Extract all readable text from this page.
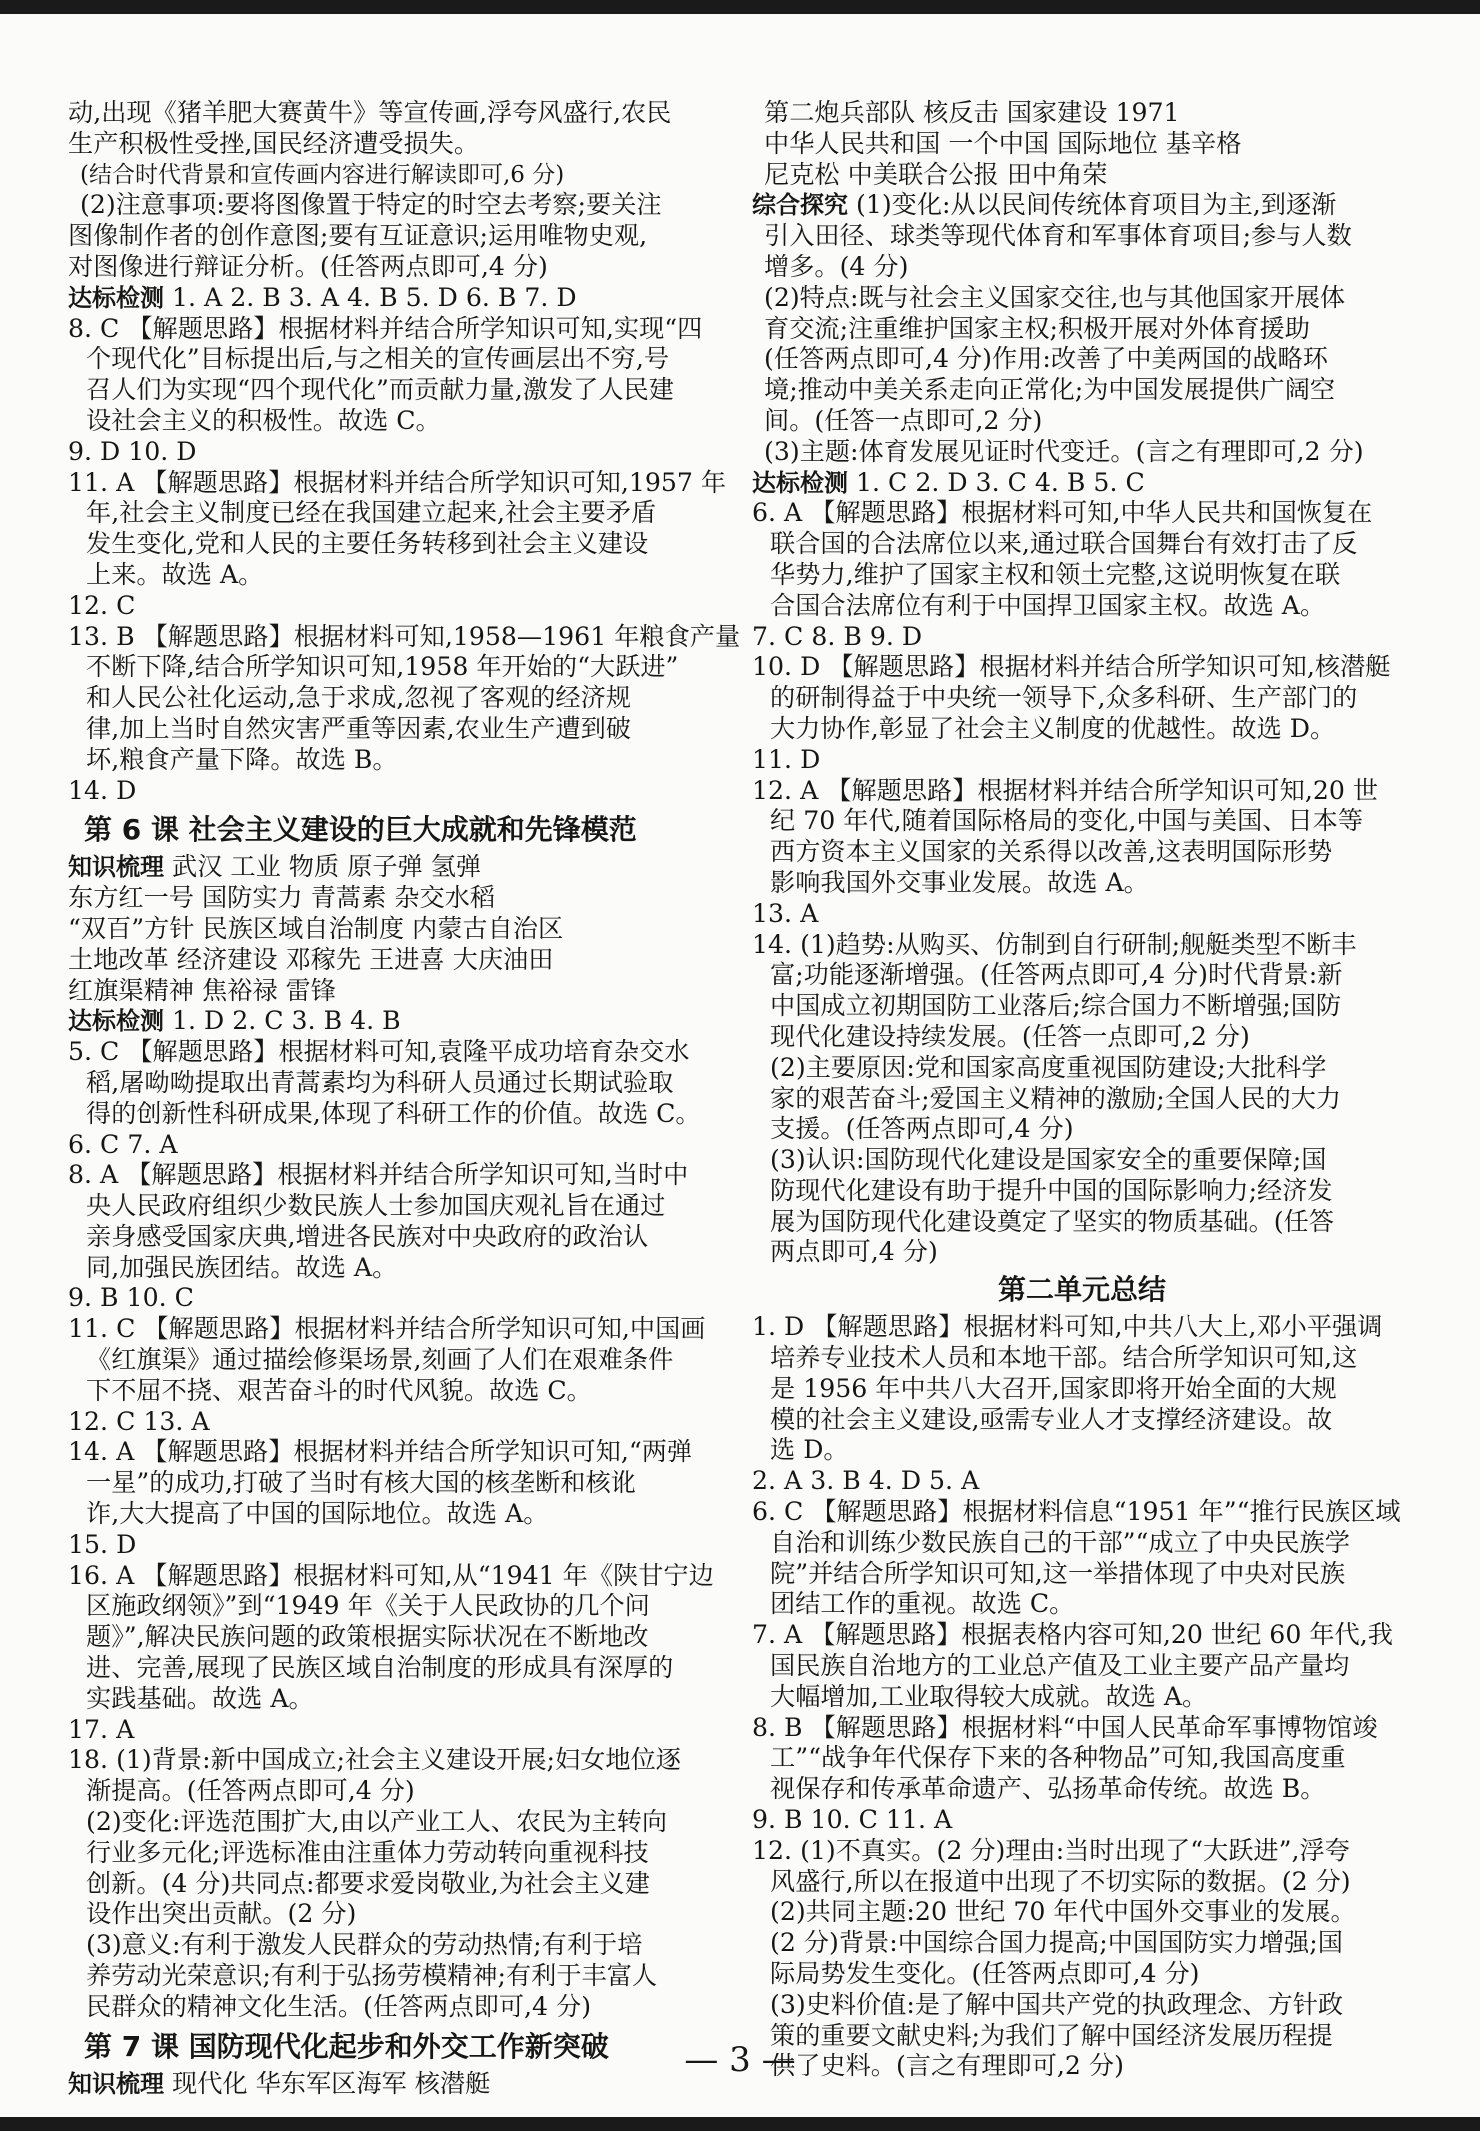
动,出现《猪羊肥大赛黄牛》等宣传画,浮夸风盛行,农民
生产积极性受挫,国民经济遭受损失。
(结合时代背景和宣传画内容进行解读即可,6 分)
(2)注意事项:要将图像置于特定的时空去考察;要关注
图像制作者的创作意图;要有互证意识;运用唯物史观,
对图像进行辩证分析。(任答两点即可,4 分)
达标检测 1. A 2. B 3. A 4. B 5. D 6. B 7. D
8. C 【解题思路】根据材料并结合所学知识可知,实现“四
个现代化”目标提出后,与之相关的宣传画层出不穷,号
召人们为实现“四个现代化”而贡献力量,激发了人民建
设社会主义的积极性。故选 C。
9. D 10. D
11. A 【解题思路】根据材料并结合所学知识可知,1957 年
年,社会主义制度已经在我国建立起来,社会主要矛盾
发生变化,党和人民的主要任务转移到社会主义建设
上来。故选 A。
12. C
13. B 【解题思路】根据材料可知,1958—1961 年粮食产量
不断下降,结合所学知识可知,1958 年开始的“大跃进”
和人民公社化运动,急于求成,忽视了客观的经济规
律,加上当时自然灾害严重等因素,农业生产遭到破
坏,粮食产量下降。故选 B。
14. D
第 6 课 社会主义建设的巨大成就和先锋模范
知识梳理 武汉 工业 物质 原子弹 氢弹
东方红一号 国防实力 青蒿素 杂交水稻
“双百”方针 民族区域自治制度 内蒙古自治区
土地改革 经济建设 邓稼先 王进喜 大庆油田
红旗渠精神 焦裕禄 雷锋
达标检测 1. D 2. C 3. B 4. B
5. C 【解题思路】根据材料可知,袁隆平成功培育杂交水
稻,屠呦呦提取出青蒿素均为科研人员通过长期试验取
得的创新性科研成果,体现了科研工作的价值。故选 C。
6. C 7. A
8. A 【解题思路】根据材料并结合所学知识可知,当时中
央人民政府组织少数民族人士参加国庆观礼旨在通过
亲身感受国家庆典,增进各民族对中央政府的政治认
同,加强民族团结。故选 A。
9. B 10. C
11. C 【解题思路】根据材料并结合所学知识可知,中国画
《红旗渠》通过描绘修渠场景,刻画了人们在艰难条件
下不屈不挠、艰苦奋斗的时代风貌。故选 C。
12. C 13. A
14. A 【解题思路】根据材料并结合所学知识可知,“两弹
一星”的成功,打破了当时有核大国的核垄断和核讹
诈,大大提高了中国的国际地位。故选 A。
15. D
16. A 【解题思路】根据材料可知,从“1941 年《陕甘宁边
区施政纲领》”到“1949 年《关于人民政协的几个问
题》”,解决民族问题的政策根据实际状况在不断地改
进、完善,展现了民族区域自治制度的形成具有深厚的
实践基础。故选 A。
17. A
18. (1)背景:新中国成立;社会主义建设开展;妇女地位逐
渐提高。(任答两点即可,4 分)
(2)变化:评选范围扩大,由以产业工人、农民为主转向
行业多元化;评选标准由注重体力劳动转向重视科技
创新。(4 分)共同点:都要求爱岗敬业,为社会主义建
设作出突出贡献。(2 分)
(3)意义:有利于激发人民群众的劳动热情;有利于培
养劳动光荣意识;有利于弘扬劳模精神;有利于丰富人
民群众的精神文化生活。(任答两点即可,4 分)
第 7 课 国防现代化起步和外交工作新突破
知识梳理 现代化 华东军区海军 核潜艇
第二炮兵部队 核反击 国家建设 1971
中华人民共和国 一个中国 国际地位 基辛格
尼克松 中美联合公报 田中角荣
综合探究 (1)变化:从以民间传统体育项目为主,到逐渐
引入田径、球类等现代体育和军事体育项目;参与人数
增多。(4 分)
(2)特点:既与社会主义国家交往,也与其他国家开展体
育交流;注重维护国家主权;积极开展对外体育援助
(任答两点即可,4 分)作用:改善了中美两国的战略环
境;推动中美关系走向正常化;为中国发展提供广阔空
间。(任答一点即可,2 分)
(3)主题:体育发展见证时代变迁。(言之有理即可,2 分)
达标检测 1. C 2. D 3. C 4. B 5. C
6. A 【解题思路】根据材料可知,中华人民共和国恢复在
联合国的合法席位以来,通过联合国舞台有效打击了反
华势力,维护了国家主权和领土完整,这说明恢复在联
合国合法席位有利于中国捍卫国家主权。故选 A。
7. C 8. B 9. D
10. D 【解题思路】根据材料并结合所学知识可知,核潜艇
的研制得益于中央统一领导下,众多科研、生产部门的
大力协作,彰显了社会主义制度的优越性。故选 D。
11. D
12. A 【解题思路】根据材料并结合所学知识可知,20 世
纪 70 年代,随着国际格局的变化,中国与美国、日本等
西方资本主义国家的关系得以改善,这表明国际形势
影响我国外交事业发展。故选 A。
13. A
14. (1)趋势:从购买、仿制到自行研制;舰艇类型不断丰
富;功能逐渐增强。(任答两点即可,4 分)时代背景:新
中国成立初期国防工业落后;综合国力不断增强;国防
现代化建设持续发展。(任答一点即可,2 分)
(2)主要原因:党和国家高度重视国防建设;大批科学
家的艰苦奋斗;爱国主义精神的激励;全国人民的大力
支援。(任答两点即可,4 分)
(3)认识:国防现代化建设是国家安全的重要保障;国
防现代化建设有助于提升中国的国际影响力;经济发
展为国防现代化建设奠定了坚实的物质基础。(任答
两点即可,4 分)
第二单元总结
1. D 【解题思路】根据材料可知,中共八大上,邓小平强调
培养专业技术人员和本地干部。结合所学知识可知,这
是 1956 年中共八大召开,国家即将开始全面的大规
模的社会主义建设,亟需专业人才支撑经济建设。故
选 D。
2. A 3. B 4. D 5. A
6. C 【解题思路】根据材料信息“1951 年”“推行民族区域
自治和训练少数民族自己的干部”“成立了中央民族学
院”并结合所学知识可知,这一举措体现了中央对民族
团结工作的重视。故选 C。
7. A 【解题思路】根据表格内容可知,20 世纪 60 年代,我
国民族自治地方的工业总产值及工业主要产品产量均
大幅增加,工业取得较大成就。故选 A。
8. B 【解题思路】根据材料“中国人民革命军事博物馆竣
工”“战争年代保存下来的各种物品”可知,我国高度重
视保存和传承革命遗产、弘扬革命传统。故选 B。
9. B 10. C 11. A
12. (1)不真实。(2 分)理由:当时出现了“大跃进”,浮夸
风盛行,所以在报道中出现了不切实际的数据。(2 分)
(2)共同主题:20 世纪 70 年代中国外交事业的发展。
(2 分)背景:中国综合国力提高;中国国防实力增强;国
际局势发生变化。(任答两点即可,4 分)
(3)史料价值:是了解中国共产党的执政理念、方针政
策的重要文献史料;为我们了解中国经济发展历程提
供了史料。(言之有理即可,2 分)
— 3 —
